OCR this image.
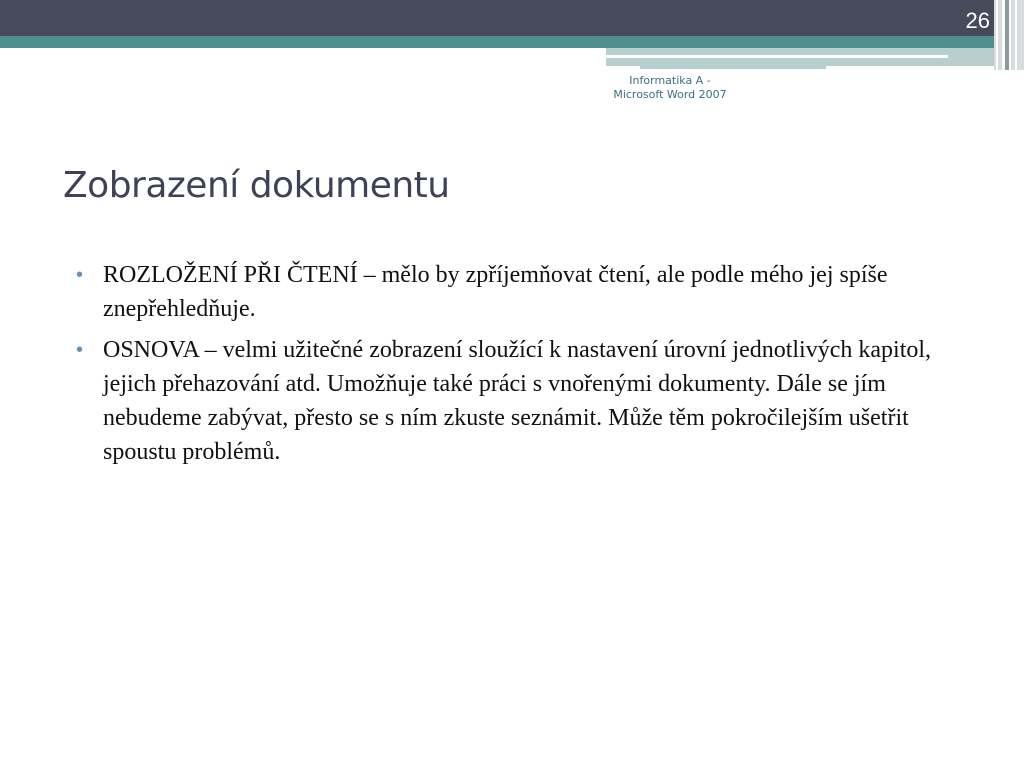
26
Informatika A -
Microsoft Word 2007
Zobrazení dokumentu
• ROZLOŽENÍ PŘI ČTENÍ – mělo by zpříjemňovat čtení, ale podle mého jej spíše znepřehledňuje.
• OSNOVA – velmi užitečné zobrazení sloužící k nastavení úrovní jednotlivých kapitol, jejich přehazování atd. Umožňuje také práci s vnořenými dokumenty. Dále se jím nebudeme zabývat, přesto se s ním zkuste seznámit. Může těm pokročilejším ušetřit spoustu problémů.
